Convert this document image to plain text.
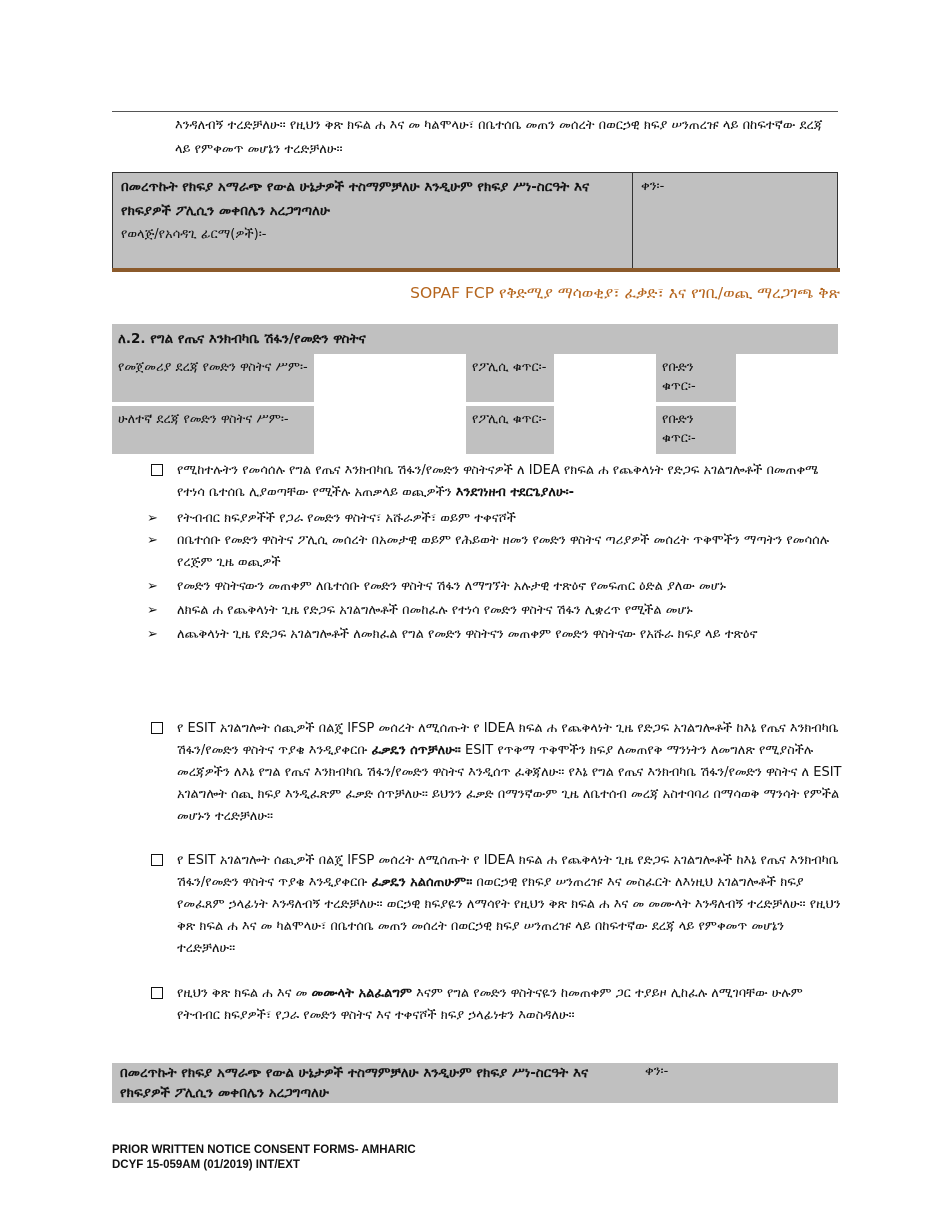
እንዳለብኝ ተረድቻለሁ። የዚህን ቅጽ ክፍል ሐ እና መ ካልሞላሁ፣ በቤተሰቤ መጠን መሰረት በወርኃዊ ክፍያ ሠንጠረዡ ላይ በከፍተኛው ደረጃ ላይ የምቀመጥ መሆኔን ተረድቻለሁ።
በመረጥኩት የክፍያ አማራጭ የውል ሁኔታዎች ተስማምቻለሁ እንዲሁም የክፍያ ሥነ-ስርዓት እና የክፍያዎች ፖሊሲን መቀበሌን አረጋግጣለሁ
የወላጅ/የአሳዳጊ ፊርማ(ዎች)፡-
ቀን፡-
SOPAF FCP የቅድሚያ ማሳወቂያ፣ ፈቃድ፣ እና የገቢ/ወጪ ማረጋገጫ ቅጽ
ለ.2. የግል የጤና እንክብካቤ ሽፋን/የመድን ዋስትና
የመጀመሪያ ደረጃ የመድን ዋስትና ሥም፡-	የፖሊሲ ቁጥር፡-	የቡድን ቁጥር፡-
ሁለተኛ ደረጃ የመድን ዋስትና ሥም፡-	የፖሊሲ ቁጥር፡-	የቡድን ቁጥር፡-
የሚከተሉትን የመሳሰሉ የግል የጤና እንክብካቤ ሽፋን/የመድን ዋስትናዎች ለ IDEA የክፍል ሐ የጨቅላነት የድጋፍ አገልግሎቶች በመጠቀሜ የተነሳ ቤተሰቤ ሊያወጣቸው የሚችሉ አጠቃላይ ወጪዎችን እንደገነዘብ ተደርጌያለሁ፡-
➢ የትብብር ክፍያዎችች የጋራ የመድን ዋስትና፣ አሹራዎች፣ ወይም ተቀናሾች
➢ በቤተሰቡ የመድን ዋስትና ፖሊሲ መሰረት በአመታዊ ወይም የሕይወት ዘመን የመድን ዋስትና ጣሪያዎች መሰረት ጥቅሞችን ማጣትን የመሳሰሉ የረጅም ጊዜ ወጪዎች
➢ የመድን ዋስትናውን መጠቀም ለቤተሰቡ የመድን ዋስትና ሽፋን ለማግኘት አሉታዊ ተጽዕኖ የመፍጠር ዕድል ያለው መሆኑ
➢ ለክፍል ሐ የጨቅላነት ጊዜ የድጋፍ አገልግሎቶች በመከፈሉ የተነሳ የመድን ዋስትና ሽፋን ሊቋረጥ የሚችል መሆኑ
➢ ለጨቅላነት ጊዜ የድጋፍ አገልግሎቶች ለመክፈል የግል የመድን ዋስትናን መጠቀም የመድን ዋስትናው የአሹራ ክፍያ ላይ ተጽዕኖ
የ ESIT አገልግሎት ሰጪዎች በልጄ IFSP መሰረት ለሚሰጡት የ IDEA ክፍል ሐ የጨቅላነት ጊዜ የድጋፍ አገልግሎቶች ከእኔ የጤና እንክብካቤ ሽፋን/የመድን ዋስትና ጥያቄ እንዲያቀርቡ ፈቃዴን ሰጥቻለሁ። ESIT የጥቅማ ጥቅሞችን ክፍያ ለመጠየቅ ማንነትን ለመግለጽ የሚያስችሉ መረጃዎችን ለእኔ የግል የጤና እንክብካቤ ሽፋን/የመድን ዋስትና እንዲሰጥ ፈቅጃለሁ። የእኔ የግል የጤና እንክብካቤ ሽፋን/የመድን ዋስትና ለ ESIT አገልግሎት ሰጪ ክፍያ እንዲፈጽም ፈቃድ ሰጥቻለሁ። ይህንን ፈቃድ በማንኛውም ጊዜ ለቤተሰብ መረጃ አስተባባሪ በማሳወቅ ማንሳት የምችል መሆኑን ተረድቻለሁ።
የ ESIT አገልግሎት ሰጪዎች በልጄ IFSP መሰረት ለሚሰጡት የ IDEA ክፍል ሐ የጨቅላነት ጊዜ የድጋፍ አገልግሎቶች ከእኔ የጤና እንክብካቤ ሽፋን/የመድን ዋስትና ጥያቄ እንዲያቀርቡ ፈቃዴን አልሰጠሁም። በወርኃዊ የክፍያ ሠንጠረዡ እና መስፈርት ለእነዚህ አገልግሎቶች ክፍያ የመፈጸም ኃላፊነት እንዳለብኝ ተረድቻለሁ። ወርኃዊ ክፍያዬን ለማሳየት የዚህን ቅጽ ክፍል ሐ እና መ መሙላት እንዳለብኝ ተረድቻለሁ። የዚህን ቅጽ ክፍል ሐ እና መ ካልሞላሁ፣ በቤተሰቤ መጠን መሰረት በወርኃዊ ክፍያ ሠንጠረዡ ላይ በከፍተኛው ደረጃ ላይ የምቀመጥ መሆኔን ተረድቻለሁ።
የዚህን ቅጽ ክፍል ሐ እና መ መሙላት አልፈልግም እናም የግል የመድን ዋስትናዬን ከመጠቀም ጋር ተያይዞ ሊከፈሉ ለሚገባቸው ሁሉም የትብብር ክፍያዎች፣ የጋራ የመድን ዋስትና እና ተቀናሾች ክፍያ ኃላፊነቱን እወስዳለሁ።
በመረጥኩት የክፍያ አማራጭ የውል ሁኔታዎች ተስማምቻለሁ እንዲሁም የክፍያ ሥነ-ስርዓት እና የክፍያዎች ፖሊሲን መቀበሌን አረጋግጣለሁ
ቀን፡-
PRIOR WRITTEN NOTICE CONSENT FORMS- AMHARIC
DCYF 15-059AM (01/2019) INT/EXT
